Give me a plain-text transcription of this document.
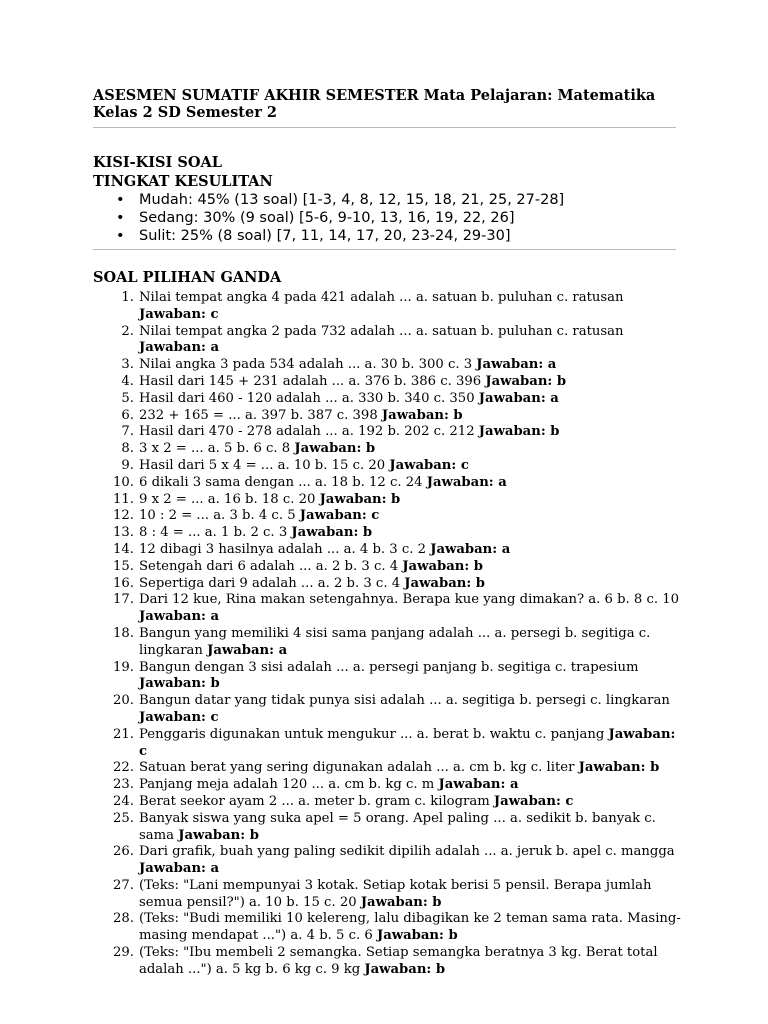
ASESMEN SUMATIF AKHIR SEMESTER Mata Pelajaran: Matematika Kelas 2 SD Semester 2
KISI-KISI SOAL
TINGKAT KESULITAN
• Mudah: 45% (13 soal) [1-3, 4, 8, 12, 15, 18, 21, 25, 27-28]
• Sedang: 30% (9 soal) [5-6, 9-10, 13, 16, 19, 22, 26]
• Sulit: 25% (8 soal) [7, 11, 14, 17, 20, 23-24, 29-30]
SOAL PILIHAN GANDA
1. Nilai tempat angka 4 pada 421 adalah ... a. satuan b. puluhan c. ratusan Jawaban: c
2. Nilai tempat angka 2 pada 732 adalah ... a. satuan b. puluhan c. ratusan Jawaban: a
3. Nilai angka 3 pada 534 adalah ... a. 30 b. 300 c. 3 Jawaban: a
4. Hasil dari 145 + 231 adalah ... a. 376 b. 386 c. 396 Jawaban: b
5. Hasil dari 460 - 120 adalah ... a. 330 b. 340 c. 350 Jawaban: a
6. 232 + 165 = ... a. 397 b. 387 c. 398 Jawaban: b
7. Hasil dari 470 - 278 adalah ... a. 192 b. 202 c. 212 Jawaban: b
8. 3 x 2 = ... a. 5 b. 6 c. 8 Jawaban: b
9. Hasil dari 5 x 4 = ... a. 10 b. 15 c. 20 Jawaban: c
10. 6 dikali 3 sama dengan ... a. 18 b. 12 c. 24 Jawaban: a
11. 9 x 2 = ... a. 16 b. 18 c. 20 Jawaban: b
12. 10 : 2 = ... a. 3 b. 4 c. 5 Jawaban: c
13. 8 : 4 = ... a. 1 b. 2 c. 3 Jawaban: b
14. 12 dibagi 3 hasilnya adalah ... a. 4 b. 3 c. 2 Jawaban: a
15. Setengah dari 6 adalah ... a. 2 b. 3 c. 4 Jawaban: b
16. Sepertiga dari 9 adalah ... a. 2 b. 3 c. 4 Jawaban: b
17. Dari 12 kue, Rina makan setengahnya. Berapa kue yang dimakan? a. 6 b. 8 c. 10 Jawaban: a
18. Bangun yang memiliki 4 sisi sama panjang adalah ... a. persegi b. segitiga c. lingkaran Jawaban: a
19. Bangun dengan 3 sisi adalah ... a. persegi panjang b. segitiga c. trapesium Jawaban: b
20. Bangun datar yang tidak punya sisi adalah ... a. segitiga b. persegi c. lingkaran Jawaban: c
21. Penggaris digunakan untuk mengukur ... a. berat b. waktu c. panjang Jawaban: c
22. Satuan berat yang sering digunakan adalah ... a. cm b. kg c. liter Jawaban: b
23. Panjang meja adalah 120 ... a. cm b. kg c. m Jawaban: a
24. Berat seekor ayam 2 ... a. meter b. gram c. kilogram Jawaban: c
25. Banyak siswa yang suka apel = 5 orang. Apel paling ... a. sedikit b. banyak c. sama Jawaban: b
26. Dari grafik, buah yang paling sedikit dipilih adalah ... a. jeruk b. apel c. mangga Jawaban: a
27. (Teks: "Lani mempunyai 3 kotak. Setiap kotak berisi 5 pensil. Berapa jumlah semua pensil?") a. 10 b. 15 c. 20 Jawaban: b
28. (Teks: "Budi memiliki 10 kelereng, lalu dibagikan ke 2 teman sama rata. Masing-masing mendapat ...") a. 4 b. 5 c. 6 Jawaban: b
29. (Teks: "Ibu membeli 2 semangka. Setiap semangka beratnya 3 kg. Berat total adalah ...") a. 5 kg b. 6 kg c. 9 kg Jawaban: b
